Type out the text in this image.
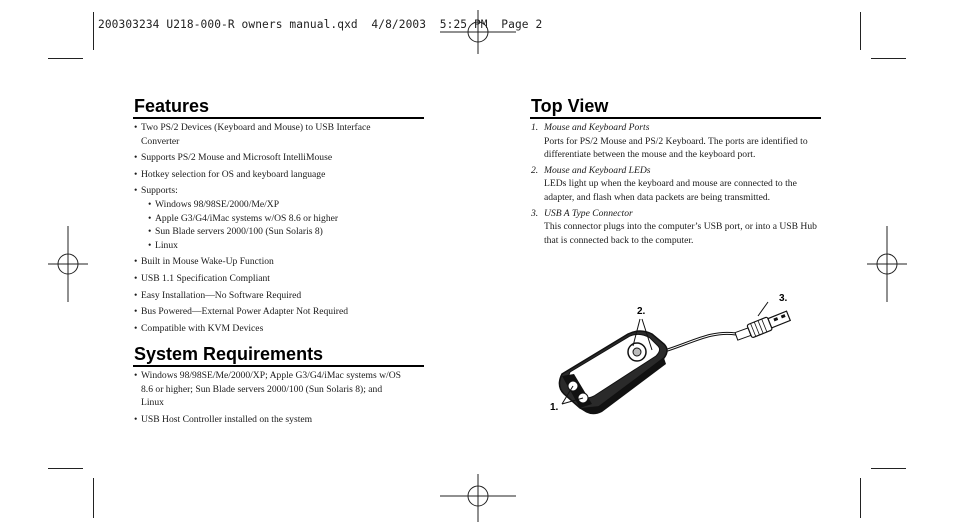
200303234 U218-000-R owners manual.qxd  4/8/2003  5:25 PM  Page 2
Features
• Two PS/2 Devices (Keyboard and Mouse) to USB Interface Converter
• Supports PS/2 Mouse and Microsoft IntelliMouse
• Hotkey selection for OS and keyboard language
• Supports:
• Windows 98/98SE/2000/Me/XP
• Apple G3/G4/iMac systems w/OS 8.6 or higher
• Sun Blade servers 2000/100 (Sun Solaris 8)
• Linux
• Built in Mouse Wake-Up Function
• USB 1.1 Specification Compliant
• Easy Installation—No Software Required
• Bus Powered—External Power Adapter Not Required
• Compatible with KVM Devices
System Requirements
• Windows 98/98SE/Me/2000/XP; Apple G3/G4/iMac systems w/OS 8.6 or higher; Sun Blade servers 2000/100 (Sun Solaris 8); and Linux
• USB Host Controller installed on the system
Top View
1. Mouse and Keyboard Ports
Ports for PS/2 Mouse and PS/2 Keyboard. The ports are identified to differentiate between the mouse and the keyboard port.
2. Mouse and Keyboard LEDs
LEDs light up when the keyboard and mouse are connected to the adapter, and flash when data packets are being transmitted.
3. USB A Type Connector
This connector plugs into the computer’s USB port, or into a USB Hub that is connected back to the computer.
2.
3.
1.
